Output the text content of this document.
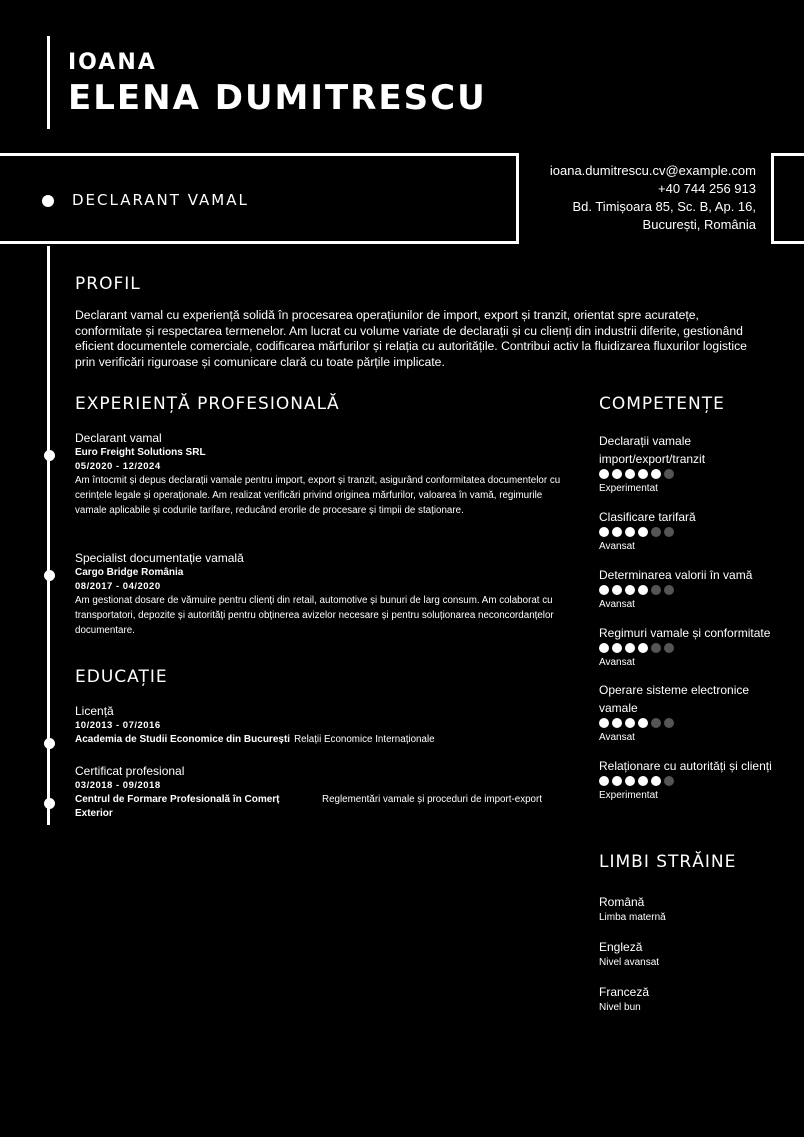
IOANA
ELENA DUMITRESCU
DECLARANT VAMAL
ioana.dumitrescu.cv@example.com
+40 744 256 913
Bd. Timișoara 85, Sc. B, Ap. 16,
București, România
PROFIL
Declarant vamal cu experiență solidă în procesarea operațiunilor de import, export și tranzit, orientat spre acuratețe, conformitate și respectarea termenelor. Am lucrat cu volume variate de declarații și cu clienți din industrii diferite, gestionând eficient documentele comerciale, codificarea mărfurilor și relația cu autoritățile. Contribui activ la fluidizarea fluxurilor logistice prin verificări riguroase și comunicare clară cu toate părțile implicate.
EXPERIENȚĂ PROFESIONALĂ
Declarant vamal
Euro Freight Solutions SRL
05/2020 - 12/2024
Am întocmit și depus declarații vamale pentru import, export și tranzit, asigurând conformitatea documentelor cu cerințele legale și operaționale. Am realizat verificări privind originea mărfurilor, valoarea în vamă, regimurile vamale aplicabile și codurile tarifare, reducând erorile de procesare și timpii de staționare.
Specialist documentație vamală
Cargo Bridge România
08/2017 - 04/2020
Am gestionat dosare de vămuire pentru clienți din retail, automotive și bunuri de larg consum. Am colaborat cu transportatori, depozite și autorități pentru obținerea avizelor necesare și pentru soluționarea neconcordanțelor documentare.
EDUCAȚIE
Licență
10/2013 - 07/2016
Academia de Studii Economice din București Relații Economice Internaționale
Certificat profesional
03/2018 - 09/2018
Centrul de Formare Profesională în Comerț Exterior
Reglementări vamale și proceduri de import-export
COMPETENȚE
Declarații vamale import/export/tranzit
Experimentat
Clasificare tarifară
Avansat
Determinarea valorii în vamă
Avansat
Regimuri vamale și conformitate
Avansat
Operare sisteme electronice vamale
Avansat
Relaționare cu autorități și clienți
Experimentat
LIMBI STRĂINE
Română
Limba maternă
Engleză
Nivel avansat
Franceză
Nivel bun
